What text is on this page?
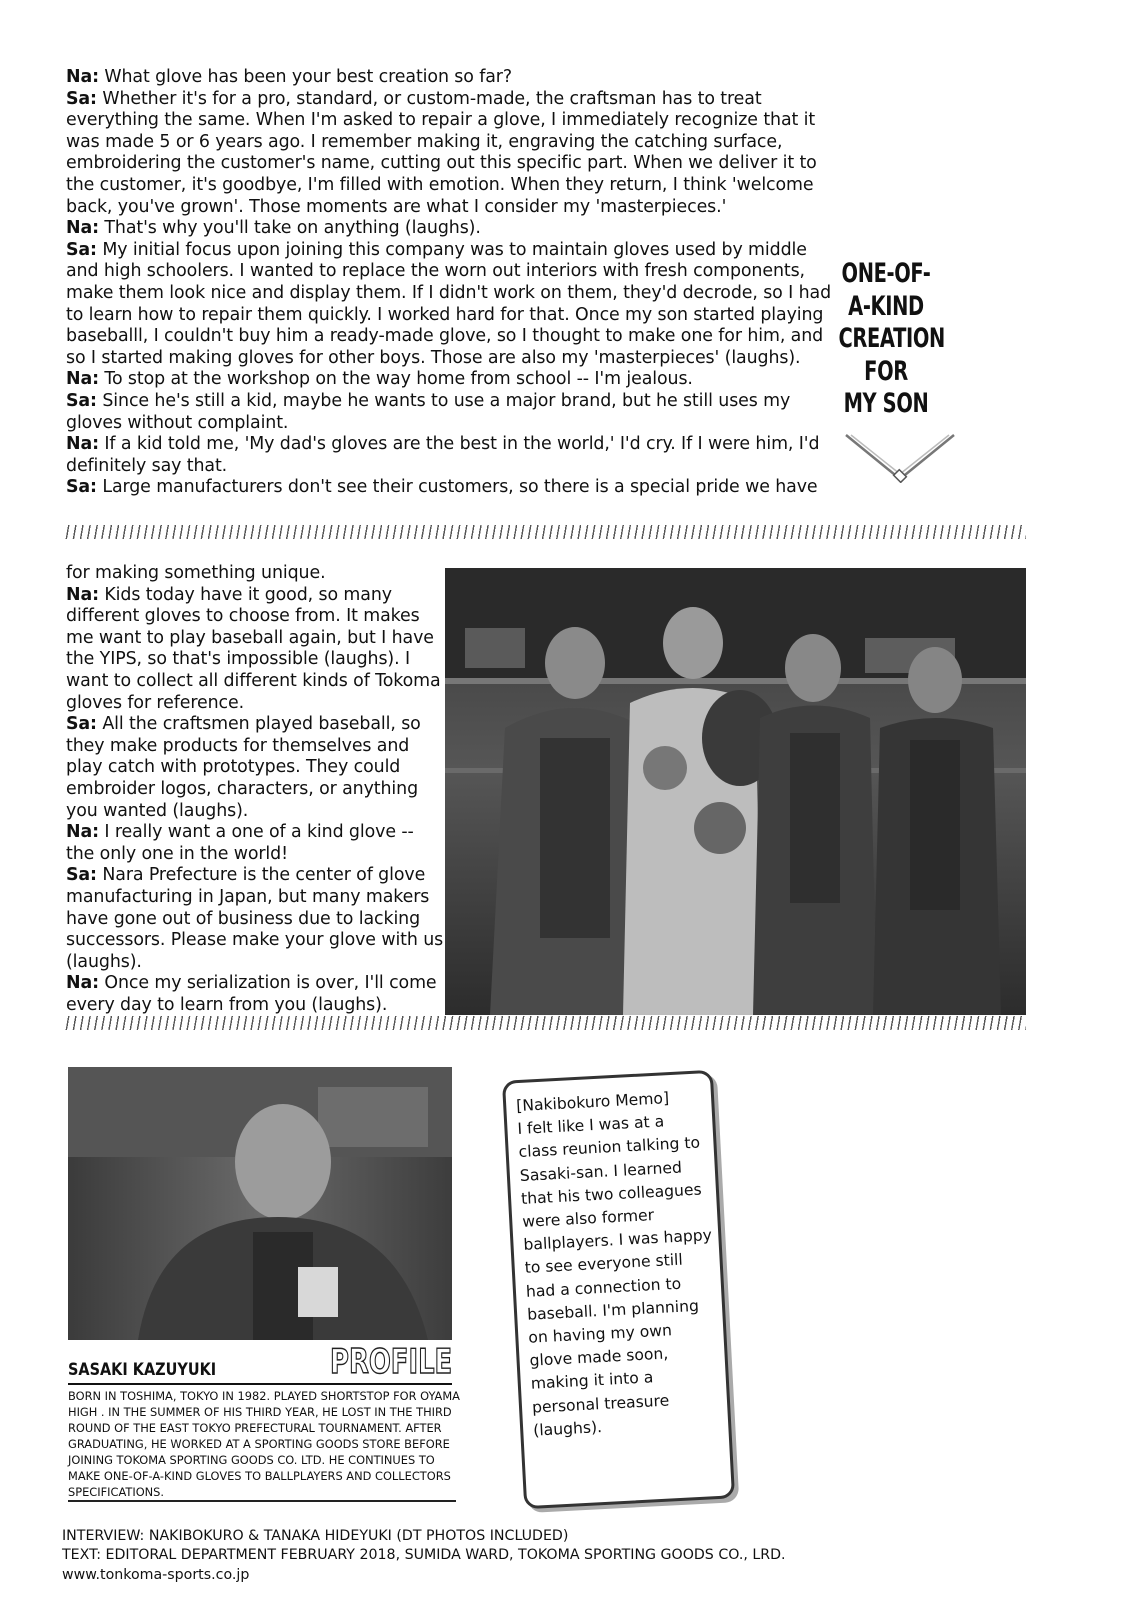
Na: What glove has been your best creation so far?

Sa: Whether it's for a pro, standard, or custom-made, the craftsman has to treat everything the same. When I'm asked to repair a glove, I immediately recognize that it was made 5 or 6 years ago. I remember making it, engraving the catching surface, embroidering the customer's name, cutting out this specific part. When we deliver it to the customer, it's goodbye, I'm filled with emotion. When they return, I think 'welcome back, you've grown'. Those moments are what I consider my 'masterpieces.'

Na: That's why you'll take on anything (laughs).

Sa: My initial focus upon joining this company was to maintain gloves used by middle and high schoolers. I wanted to replace the worn out interiors with fresh components, make them look nice and display them. If I didn't work on them, they'd decrode, so I had to learn how to repair them quickly. I worked hard for that. Once my son started playing baseballl, I couldn't buy him a ready-made glove, so I thought to make one for him, and so I started making gloves for other boys. Those are also my 'masterpieces' (laughs).

Na: To stop at the workshop on the way home from school -- I'm jealous.

Sa: Since he's still a kid, maybe he wants to use a major brand, but he still uses my gloves without complaint.

Na: If a kid told me, 'My dad's gloves are the best in the world,' I'd cry. If I were him, I'd definitely say that.

Sa: Large manufacturers don't see their customers, so there is a special pride we have

ONE-OF-
A-KIND
CREATION
FOR
MY SON

for making something unique.

Na: Kids today have it good, so many different gloves to choose from. It makes me want to play baseball again, but I have the YIPS, so that's impossible (laughs). I want to collect all different kinds of Tokoma gloves for reference.

Sa: All the craftsmen played baseball, so they make products for themselves and play catch with prototypes. They could embroider logos, characters, or anything you wanted (laughs).

Na: I really want a one of a kind glove -- the only one in the world!

Sa: Nara Prefecture is the center of glove manufacturing in Japan, but many makers have gone out of business due to lacking successors. Please make your glove with us (laughs).

Na: Once my serialization is over, I'll come every day to learn from you (laughs).

SASAKI KAZUYUKI	PROFILE

BORN IN TOSHIMA, TOKYO IN 1982. PLAYED SHORTSTOP FOR OYAMA HIGH . IN THE SUMMER OF HIS THIRD YEAR, HE LOST IN THE THIRD ROUND OF THE EAST TOKYO PREFECTURAL TOURNAMENT. AFTER GRADUATING, HE WORKED AT A SPORTING GOODS STORE BEFORE JOINING TOKOMA SPORTING GOODS CO. LTD. HE CONTINUES TO MAKE ONE-OF-A-KIND GLOVES TO BALLPLAYERS AND COLLECTORS SPECIFICATIONS.

[Nakibokuro Memo]
I felt like I was at a class reunion talking to Sasaki-san. I learned that his two colleagues were also former ballplayers. I was happy to see everyone still had a connection to baseball. I'm planning on having my own glove made soon, making it into a personal treasure (laughs).

INTERVIEW: NAKIBOKURO & TANAKA HIDEYUKI (DT PHOTOS INCLUDED)

TEXT: EDITORAL DEPARTMENT FEBRUARY 2018, SUMIDA WARD, TOKOMA SPORTING GOODS CO., LRD.

www.tonkoma-sports.co.jp
